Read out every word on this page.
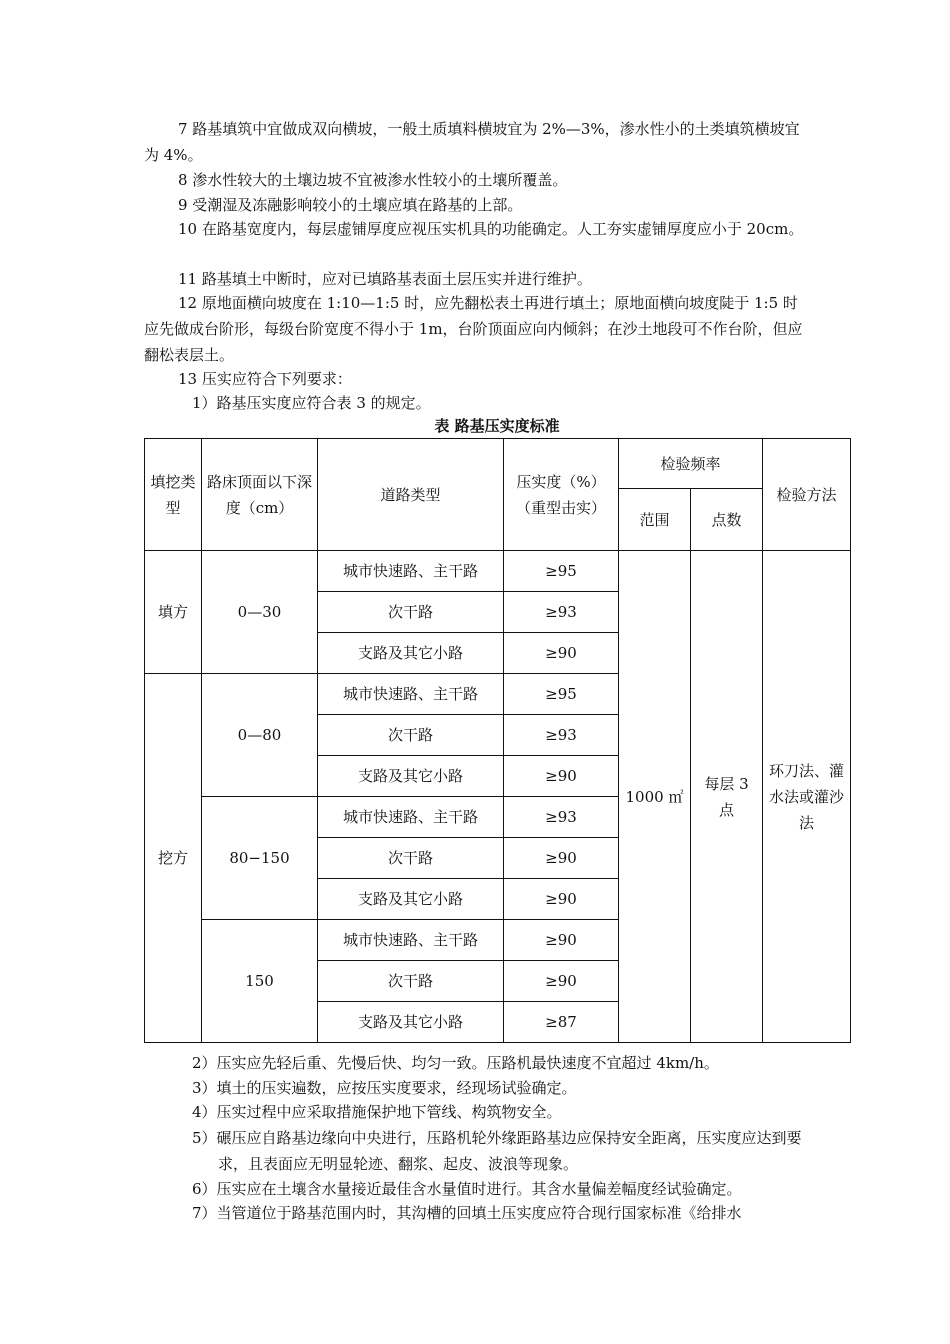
7 路基填筑中宜做成双向横坡，一般土质填料横坡宜为 2%—3%，渗水性小的土类填筑横坡宜为 4%。

8 渗水性较大的土壤边坡不宜被渗水性较小的土壤所覆盖。

9 受潮湿及冻融影响较小的土壤应填在路基的上部。

10 在路基宽度内，每层虚铺厚度应视压实机具的功能确定。人工夯实虚铺厚度应小于 20cm。

11 路基填土中断时，应对已填路基表面土层压实并进行维护。

12 原地面横向坡度在 1:10—1:5 时，应先翻松表土再进行填土；原地面横向坡度陡于 1:5 时应先做成台阶形，每级台阶宽度不得小于 1m，台阶顶面应向内倾斜；在沙土地段可不作台阶，但应翻松表层土。

13 压实应符合下列要求：

1）路基压实度应符合表 3 的规定。

表 路基压实度标准
填挖类型	路床顶面以下深度（cm）	道路类型	压实度（%）（重型击实）	检验频率		检验方法
				范围	点数	
填方	0—30	城市快速路、主干路	≥95	1000 ㎡	每层 3 点	环刀法、灌水法或灌沙法
		次干路	≥93			
		支路及其它小路	≥90			
挖方	0—80	城市快速路、主干路	≥95			
		次干路	≥93			
		支路及其它小路	≥90			
	80−150	城市快速路、主干路	≥93			
		次干路	≥90			
		支路及其它小路	≥90			
	150	城市快速路、主干路	≥90			
		次干路	≥90			
		支路及其它小路	≥87			

2）压实应先轻后重、先慢后快、均匀一致。压路机最快速度不宜超过 4km/h。

3）填土的压实遍数，应按压实度要求，经现场试验确定。

4）压实过程中应采取措施保护地下管线、构筑物安全。

5）碾压应自路基边缘向中央进行，压路机轮外缘距路基边应保持安全距离，压实度应达到要求，且表面应无明显轮迹、翻浆、起皮、波浪等现象。

6）压实应在土壤含水量接近最佳含水量值时进行。其含水量偏差幅度经试验确定。

7）当管道位于路基范围内时，其沟槽的回填土压实度应符合现行国家标准《给排水
